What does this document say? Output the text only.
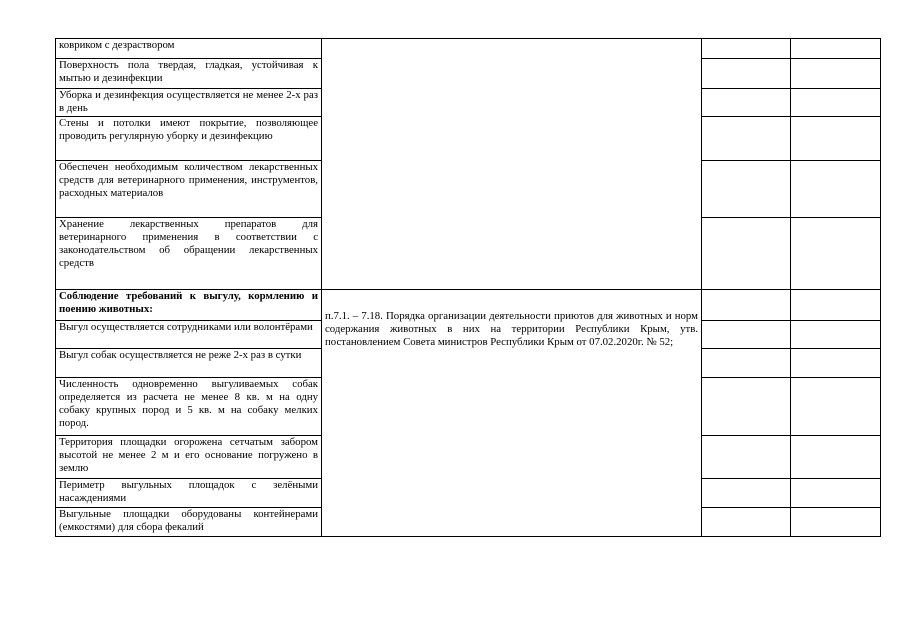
ковриком с дезраствором			
Поверхность пола твердая, гладкая, устойчивая к мытью и дезинфекции			
Уборка и дезинфекция осуществляется не менее 2-х раз в день			
Стены и потолки имеют покрытие, позволяющее проводить регулярную уборку и дезинфекцию			
Обеспечен необходимым количеством лекарственных средств для ветеринарного применения, инструментов, расходных материалов			
Хранение лекарственных препаратов для ветеринарного применения в соответствии с законодательством об обращении лекарственных средств			
Соблюдение требований к выгулу, кормлению и поению животных:	п.7.1. – 7.18. Порядка организации деятельности приютов для животных и норм содержания животных в них на территории Республики Крым, утв. постановлением Совета министров Республики Крым от 07.02.2020г. № 52;		

Выгул осуществляется сотрудниками или волонтёрами			
Выгул собак осуществляется не реже 2-х раз в сутки			
Численность одновременно выгуливаемых собак определяется из расчета не менее 8 кв. м на одну собаку крупных пород и 5 кв. м на собаку мелких пород.			
Территория площадки огорожена сетчатым забором высотой не менее 2 м и его основание погружено в землю			
Периметр выгульных площадок с зелёными насаждениями			
Выгульные площадки оборудованы контейнерами (емкостями) для сбора фекалий			
